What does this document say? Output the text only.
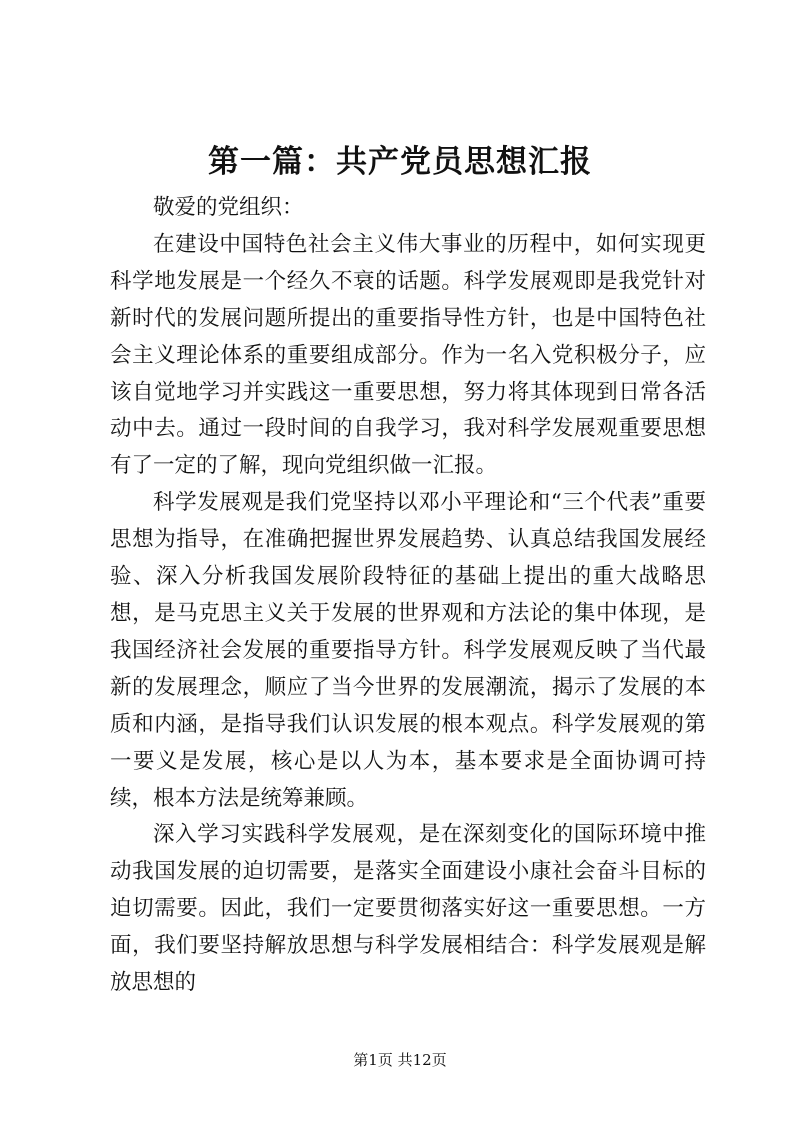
第一篇：共产党员思想汇报

敬爱的党组织：

在建设中国特色社会主义伟大事业的历程中，如何实现更科学地发展是一个经久不衰的话题。科学发展观即是我党针对新时代的发展问题所提出的重要指导性方针，也是中国特色社会主义理论体系的重要组成部分。作为一名入党积极分子，应该自觉地学习并实践这一重要思想，努力将其体现到日常各活动中去。通过一段时间的自我学习，我对科学发展观重要思想有了一定的了解，现向党组织做一汇报。

科学发展观是我们党坚持以邓小平理论和“三个代表”重要思想为指导，在准确把握世界发展趋势、认真总结我国发展经验、深入分析我国发展阶段特征的基础上提出的重大战略思想，是马克思主义关于发展的世界观和方法论的集中体现，是我国经济社会发展的重要指导方针。科学发展观反映了当代最新的发展理念，顺应了当今世界的发展潮流，揭示了发展的本质和内涵，是指导我们认识发展的根本观点。科学发展观的第一要义是发展，核心是以人为本，基本要求是全面协调可持续，根本方法是统筹兼顾。

深入学习实践科学发展观，是在深刻变化的国际环境中推动我国发展的迫切需要，是落实全面建设小康社会奋斗目标的迫切需要。因此，我们一定要贯彻落实好这一重要思想。一方面，我们要坚持解放思想与科学发展相结合：科学发展观是解放思想的

第1页 共12页
